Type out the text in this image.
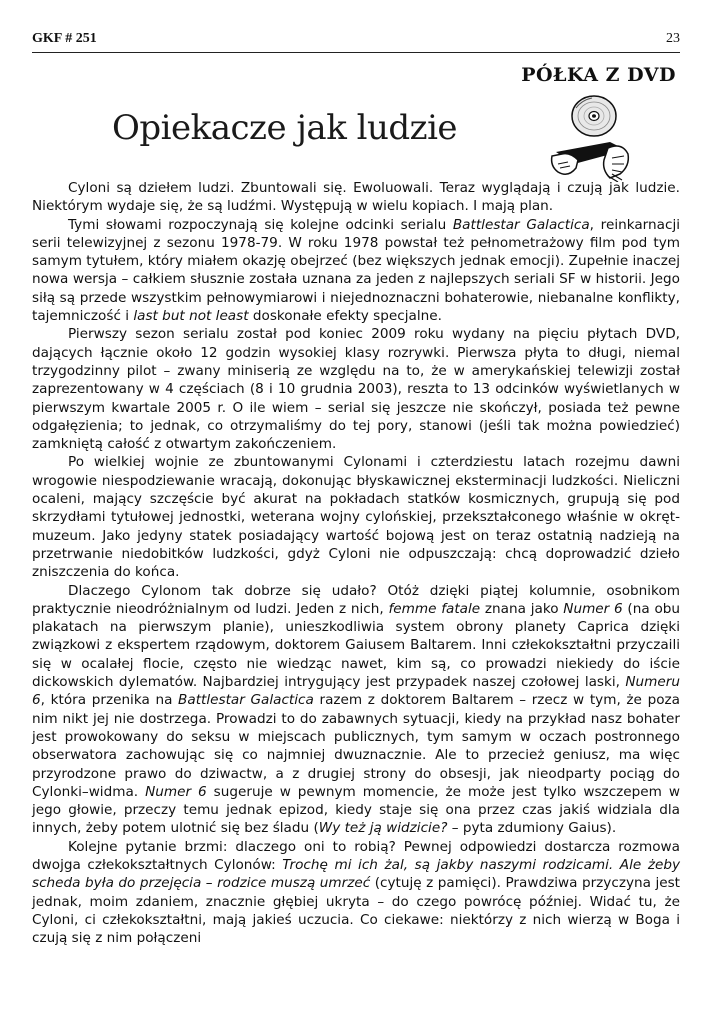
GKF # 251	23
PÓŁKA Z DVD
Opiekacze jak ludzie

Cyloni są dziełem ludzi. Zbuntowali się. Ewoluowali. Teraz wyglądają i czują jak ludzie. Niektórym wydaje się, że są ludźmi. Występują w wielu kopiach. I mają plan.

Tymi słowami rozpoczynają się kolejne odcinki serialu Battlestar Galactica, reinkarnacji serii telewizyjnej z sezonu 1978-79. W roku 1978 powstał też pełnometrażowy film pod tym samym tytułem, który miałem okazję obejrzeć (bez większych jednak emocji). Zupełnie inaczej nowa wersja – całkiem słusznie została uznana za jeden z najlepszych seriali SF w historii. Jego siłą są przede wszystkim pełnowymiarowi i niejednoznaczni bohaterowie, niebanalne konflikty, tajemniczość i last but not least doskonałe efekty specjalne.

Pierwszy sezon serialu został pod koniec 2009 roku wydany na pięciu płytach DVD, dających łącznie około 12 godzin wysokiej klasy rozrywki. Pierwsza płyta to długi, niemal trzygodzinny pilot – zwany miniserią ze względu na to, że w amerykańskiej telewizji został zaprezentowany w 4 częściach (8 i 10 grudnia 2003), reszta to 13 odcinków wyświetlanych w pierwszym kwartale 2005 r. O ile wiem – serial się jeszcze nie skończył, posiada też pewne odgałęzienia; to jednak, co otrzymaliśmy do tej pory, stanowi (jeśli tak można powiedzieć) zamkniętą całość z otwartym zakończeniem.

Po wielkiej wojnie ze zbuntowanymi Cylonami i czterdziestu latach rozejmu dawni wrogowie niespodziewanie wracają, dokonując błyskawicznej eksterminacji ludzkości. Nieliczni ocaleni, mający szczęście być akurat na pokładach statków kosmicznych, grupują się pod skrzydłami tytułowej jednostki, weterana wojny cylońskiej, przekształconego właśnie w okręt-muzeum. Jako jedyny statek posiadający wartość bojową jest on teraz ostatnią nadzieją na przetrwanie niedobitków ludzkości, gdyż Cyloni nie odpuszczają: chcą doprowadzić dzieło zniszczenia do końca.

Dlaczego Cylonom tak dobrze się udało? Otóż dzięki piątej kolumnie, osobnikom praktycznie nieodróżnialnym od ludzi. Jeden z nich, femme fatale znana jako Numer 6 (na obu plakatach na pierwszym planie), unieszkodliwia system obrony planety Caprica dzięki związkowi z ekspertem rządowym, doktorem Gaiusem Baltarem. Inni człekokształtni przyczaili się w ocalałej flocie, często nie wiedząc nawet, kim są, co prowadzi niekiedy do iście dickowskich dylematów. Najbardziej intrygujący jest przypadek naszej czołowej laski, Numeru 6, która przenika na Battlestar Galactica razem z doktorem Baltarem – rzecz w tym, że poza nim nikt jej nie dostrzega. Prowadzi to do zabawnych sytuacji, kiedy na przykład nasz bohater jest prowokowany do seksu w miejscach publicznych, tym samym w oczach postronnego obserwatora zachowując się co najmniej dwuznacznie. Ale to przecież geniusz, ma więc przyrodzone prawo do dziwactw, a z drugiej strony do obsesji, jak nieodparty pociąg do Cylonki–widma. Numer 6 sugeruje w pewnym momencie, że może jest tylko wszczepem w jego głowie, przeczy temu jednak epizod, kiedy staje się ona przez czas jakiś widziala dla innych, żeby potem ulotnić się bez śladu (Wy też ją widzicie? – pyta zdumiony Gaius).

Kolejne pytanie brzmi: dlaczego oni to robią? Pewnej odpowiedzi dostarcza rozmowa dwojga człekokształtnych Cylonów: Trochę mi ich żal, są jakby naszymi rodzicami. Ale żeby scheda była do przejęcia – rodzice muszą umrzeć (cytuję z pamięci). Prawdziwa przyczyna jest jednak, moim zdaniem, znacznie głębiej ukryta – do czego powrócę później. Widać tu, że Cyloni, ci człekokształtni, mają jakieś uczucia. Co ciekawe: niektórzy z nich wierzą w Boga i czują się z nim połączeni
